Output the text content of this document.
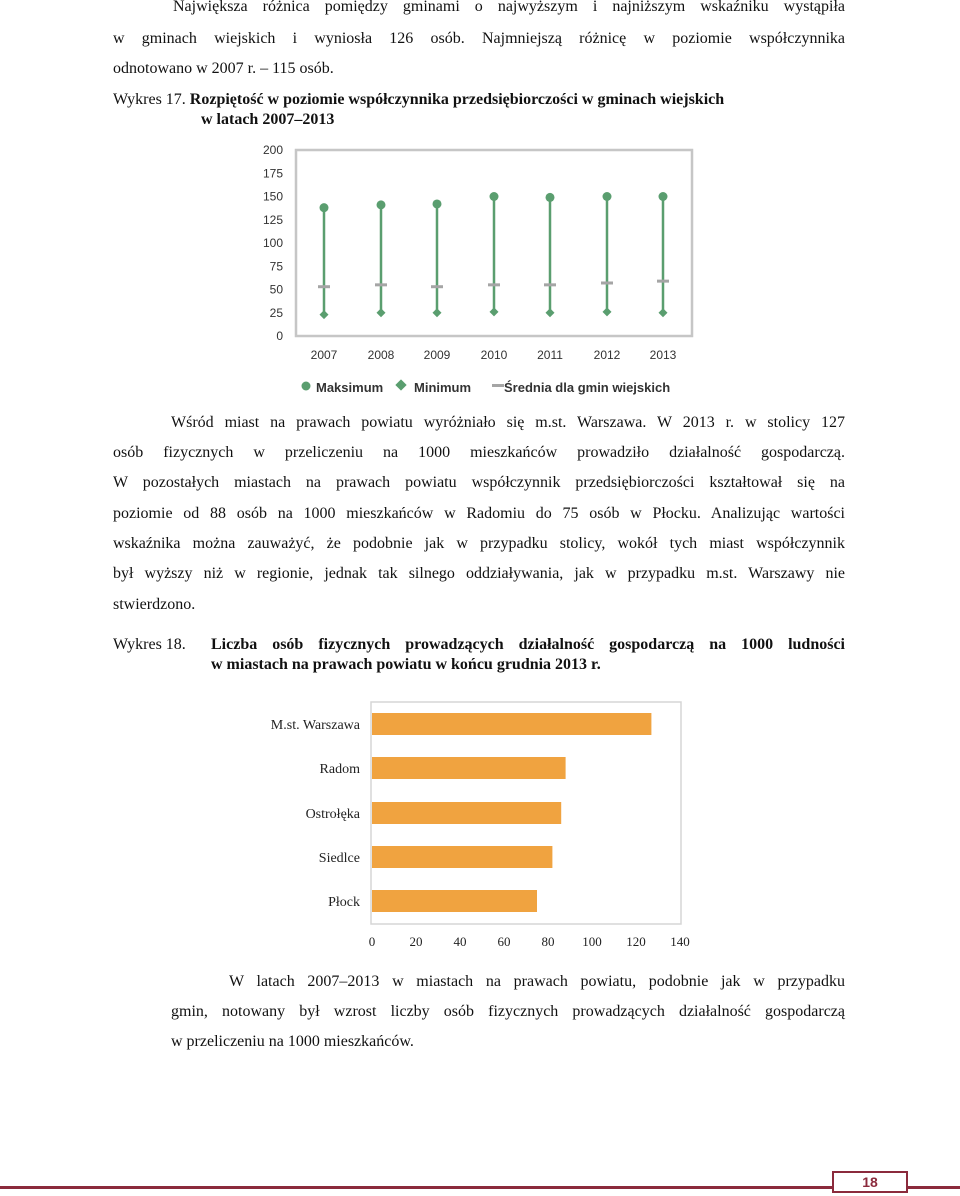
Największa różnica pomiędzy gminami o najwyższym i najniższym wskaźniku wystąpiła
w gminach wiejskich i wyniosła 126 osób. Najmniejszą różnicę w poziomie współczynnika
odnotowano w 2007 r. – 115 osób.
Wykres 17. Rozpiętość w poziomie współczynnika przedsiębiorczości w gminach wiejskich
w latach 2007–2013
0
25
50
75
100
125
150
175
200
2007	2008 2009	2010 2011	2012 2013
Maksimum Minimum	Średnia dla gmin wiejskich
Wśród miast na prawach powiatu wyróżniało się m.st. Warszawa. W 2013 r. w stolicy 127
osób fizycznych w przeliczeniu na 1000 mieszkańców prowadziło działalność gospodarczą.
W pozostałych miastach na prawach powiatu współczynnik przedsiębiorczości kształtował się na
poziomie od 88 osób na 1000 mieszkańców w Radomiu do 75 osób w Płocku. Analizując wartości
wskaźnika można zauważyć, że podobnie jak w przypadku stolicy, wokół tych miast współczynnik
był wyższy niż w regionie, jednak tak silnego oddziaływania, jak w przypadku m.st. Warszawy nie
stwierdzono.
Wykres 18. Liczba osób fizycznych prowadzących działalność gospodarczą na 1000 ludności
w miastach na prawach powiatu w końcu grudnia 2013 r.
M.st. Warszawa
Radom
Ostrołęka
Siedlce
Płock
0	20 40 60 80 100 120 140
W latach 2007–2013 w miastach na prawach powiatu, podobnie jak w przypadku
gmin, notowany był wzrost liczby osób fizycznych prowadzących działalność gospodarczą
w przeliczeniu na 1000 mieszkańców.
18
